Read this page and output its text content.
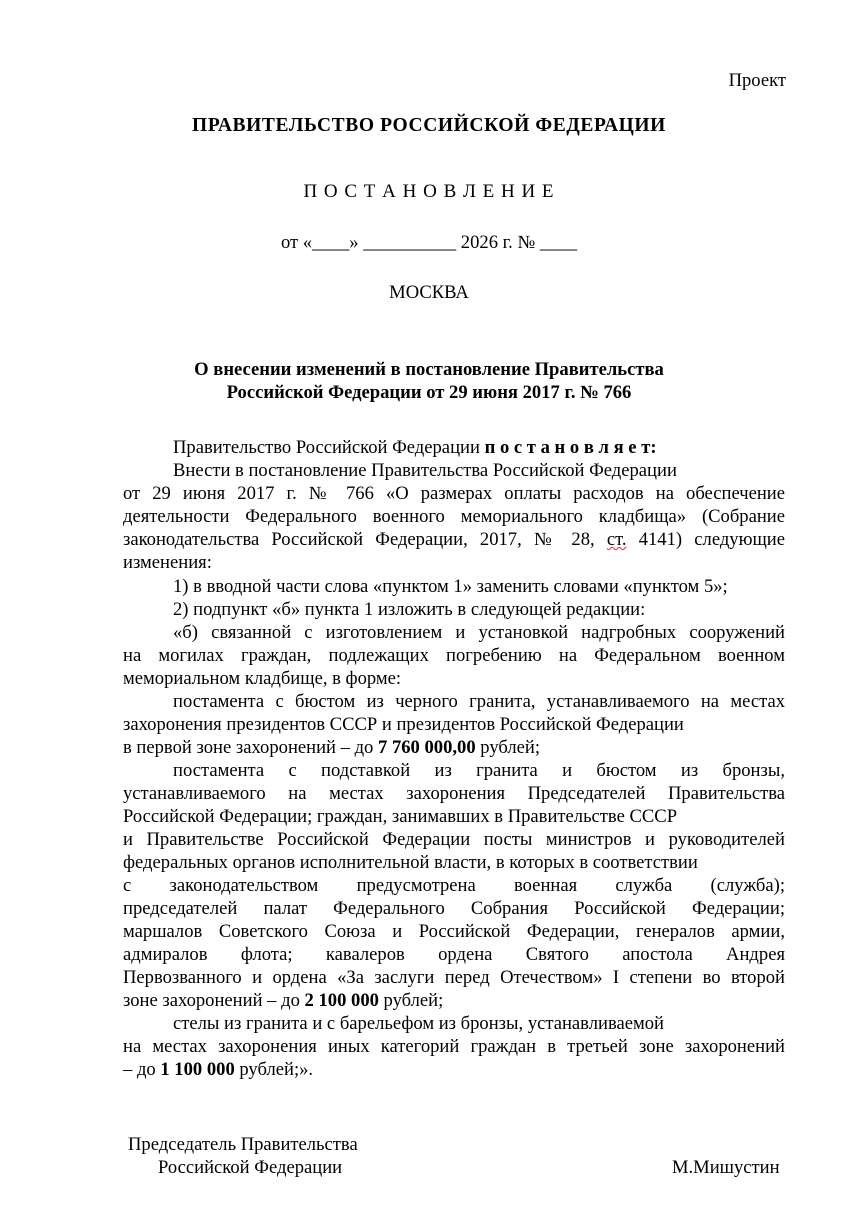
Проект
ПРАВИТЕЛЬСТВО РОССИЙСКОЙ ФЕДЕРАЦИИ
П О С Т А Н О В Л Е Н И Е
от «____» __________ 2026 г. № ____
МОСКВА
О внесении изменений в постановление Правительства
Российской Федерации от 29 июня 2017 г. № 766
Правительство Российской Федерации п о с т а н о в л я е т:
Внести в постановление Правительства Российской Федерации
от 29 июня 2017 г. № 766 «О размерах оплаты расходов на обеспечение
деятельности Федерального военного мемориального кладбища» (Собрание
законодательства Российской Федерации, 2017, № 28, ст. 4141) следующие
изменения:
1) в вводной части слова «пунктом 1» заменить словами «пунктом 5»;
2) подпункт «б» пункта 1 изложить в следующей редакции:
«б) связанной с изготовлением и установкой надгробных сооружений
на могилах граждан, подлежащих погребению на Федеральном военном
мемориальном кладбище, в форме:
постамента с бюстом из черного гранита, устанавливаемого на местах
захоронения президентов СССР и президентов Российской Федерации
в первой зоне захоронений – до 7 760 000,00 рублей;
постамента с подставкой из гранита и бюстом из бронзы,
устанавливаемого на местах захоронения Председателей Правительства
Российской Федерации; граждан, занимавших в Правительстве СССР
и Правительстве Российской Федерации посты министров и руководителей
федеральных органов исполнительной власти, в которых в соответствии
с законодательством предусмотрена военная служба (служба);
председателей палат Федерального Собрания Российской Федерации;
маршалов Советского Союза и Российской Федерации, генералов армии,
адмиралов флота; кавалеров ордена Святого апостола Андрея
Первозванного и ордена «За заслуги перед Отечеством» I степени во второй
зоне захоронений – до 2 100 000 рублей;
стелы из гранита и с барельефом из бронзы, устанавливаемой
на местах захоронения иных категорий граждан в третьей зоне захоронений
– до 1 100 000 рублей;».
Председатель Правительства
Российской Федерации	М.Мишустин
